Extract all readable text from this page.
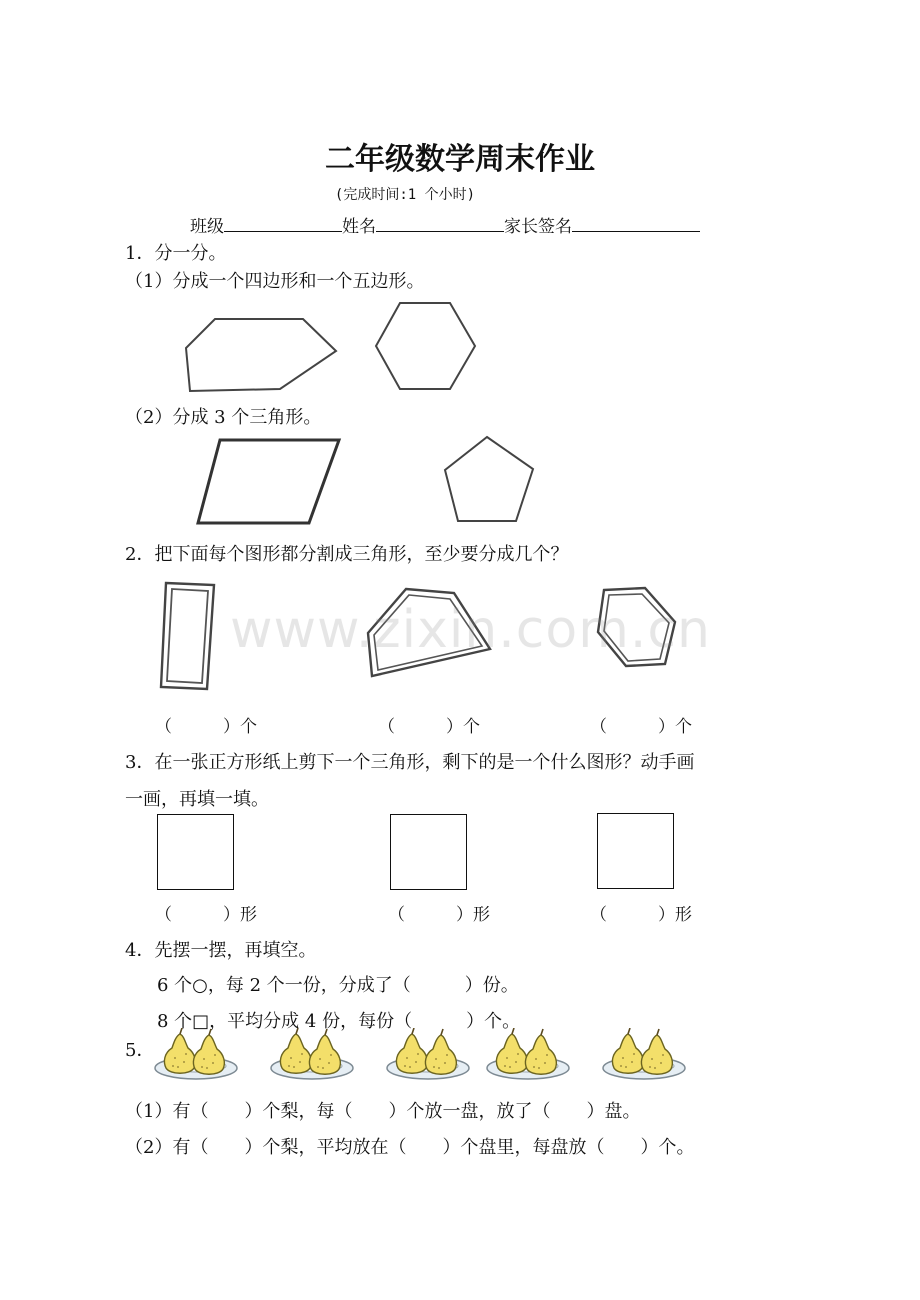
二年级数学周末作业
(完成时间:1 个小时)
班级	姓名	家长签名
1．分一分。
（1）分成一个四边形和一个五边形。
（2）分成 3 个三角形。
2．把下面每个图形都分割成三角形，至少要分成几个？
（　　　）个	（　　　）个	（　　　）个
3．在一张正方形纸上剪下一个三角形，剩下的是一个什么图形？动手画
一画，再填一填。
（　　　）形	（　　　）形	（　　　）形
4．先摆一摆，再填空。
6 个○，每 2 个一份，分成了（　　　）份。
8 个□，平均分成 4 份，每份（　　　）个。
5．
（1）有（　　）个梨，每（　　）个放一盘，放了（　　）盘。
（2）有（　　）个梨，平均放在（　　）个盘里，每盘放（　　）个。
www.zixin.com.cn
